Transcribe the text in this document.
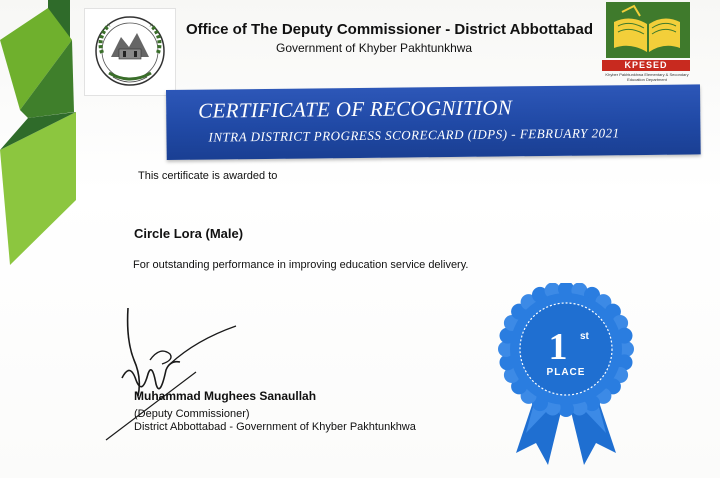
Office of The Deputy Commissioner - District Abbottabad
Government of Khyber Pakhtunkhwa
KPESED
Khyber Pakhtunkhwa Elementary & Secondary Education Department
CERTIFICATE OF RECOGNITION
INTRA DISTRICT PROGRESS SCORECARD (IDPS) - FEBRUARY 2021
This certificate is awarded to
Circle Lora (Male)
For outstanding performance in improving education service delivery.
Muhammad Mughees Sanaullah
(Deputy Commissioner)
District Abbottabad - Government of Khyber Pakhtunkhwa
1 st
PLACE
